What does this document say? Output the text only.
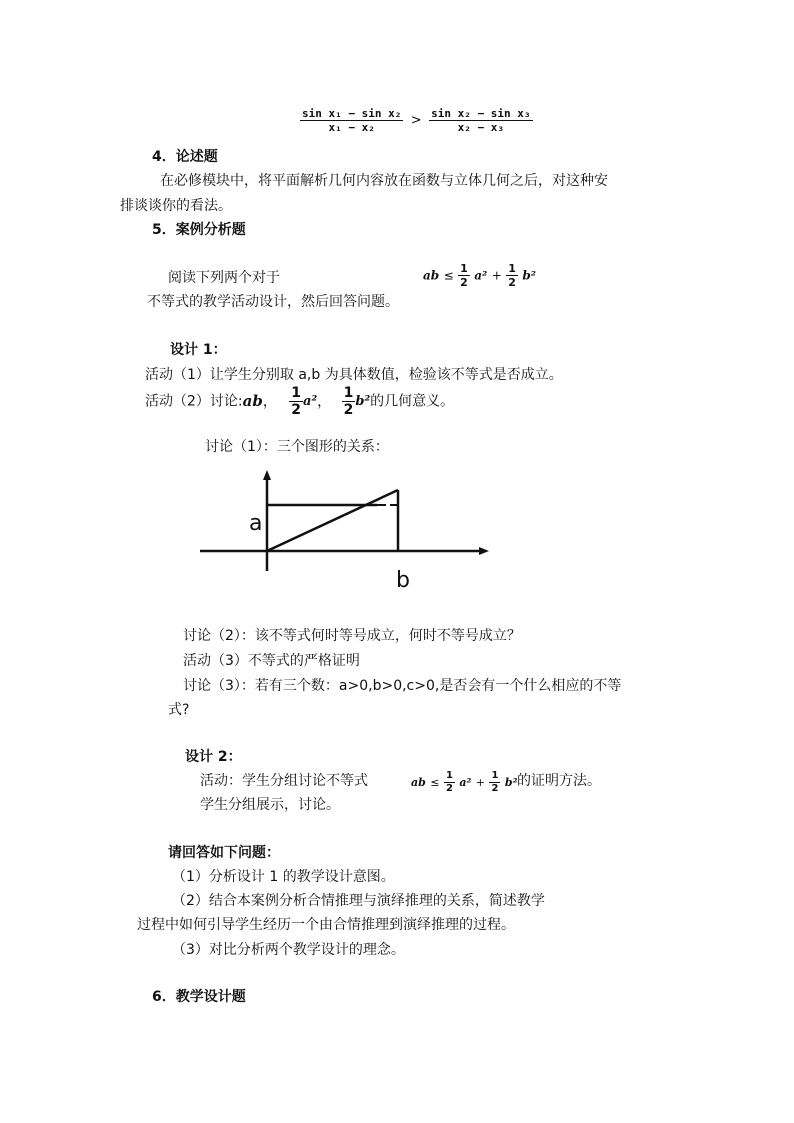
$\frac{\text{sin x₁ − sin x₂}}{\text{x₁ − x₂}} > \frac{\text{sin x₂ − sin x₃}}{\text{x₂ − x₃}}$
4．论述题
在必修模块中，将平面解析几何内容放在函数与立体几何之后，对这种安
排谈谈你的看法。
5．案例分析题
阅读下列两个对于	ab ≤ $\frac{1}{2} a^2 + \frac{1}{2} b^2$
不等式的教学活动设计，然后回答问题。
设计 1：
活动（1）让学生分别取 a,b 为具体数值，检验该不等式是否成立。
活动（2）讨论:ab， $\frac{1}{2} a^2$， $\frac{1}{2} b^2$的几何意义。
讨论（1）：三个图形的关系：
a
b
讨论（2）：该不等式何时等号成立，何时不等号成立？
活动（3）不等式的严格证明
讨论（3）：若有三个数：a>0,b>0,c>0,是否会有一个什么相应的不等
式?
设计 2：
活动：学生分组讨论不等式	ab ≤ $\frac{1}{2} a^2 + \frac{1}{2} b^2$ 的证明方法。
学生分组展示，讨论。
请回答如下问题：
（1）分析设计 1 的教学设计意图。
（2）结合本案例分析合情推理与演绎推理的关系，简述教学
过程中如何引导学生经历一个由合情推理到演绎推理的过程。
（3）对比分析两个教学设计的理念。
6．教学设计题
